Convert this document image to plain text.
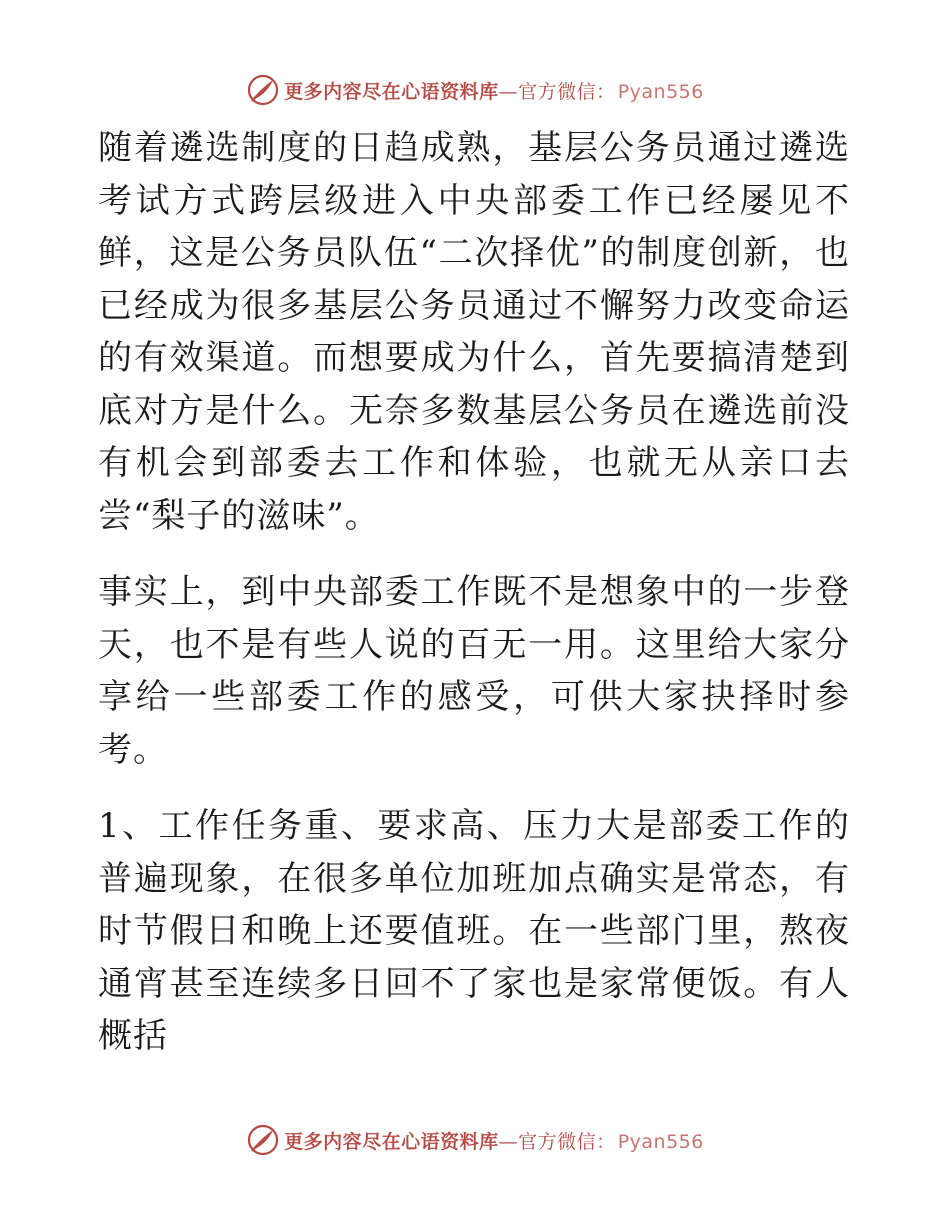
更多内容尽在心语资料库—官方微信： Pyan556

随着遴选制度的日趋成熟，基层公务员通过遴选考试方式跨层级进入中央部委工作已经屡见不鲜，这是公务员队伍“二次择优”的制度创新，也已经成为很多基层公务员通过不懈努力改变命运的有效渠道。而想要成为什么，首先要搞清楚到底对方是什么。无奈多数基层公务员在遴选前没有机会到部委去工作和体验，也就无从亲口去尝“梨子的滋味”。

事实上，到中央部委工作既不是想象中的一步登天，也不是有些人说的百无一用。这里给大家分享给一些部委工作的感受，可供大家抉择时参考。

1、工作任务重、要求高、压力大是部委工作的普遍现象，在很多单位加班加点确实是常态，有时节假日和晚上还要值班。在一些部门里，熬夜通宵甚至连续多日回不了家也是家常便饭。有人概括

更多内容尽在心语资料库—官方微信： Pyan556
